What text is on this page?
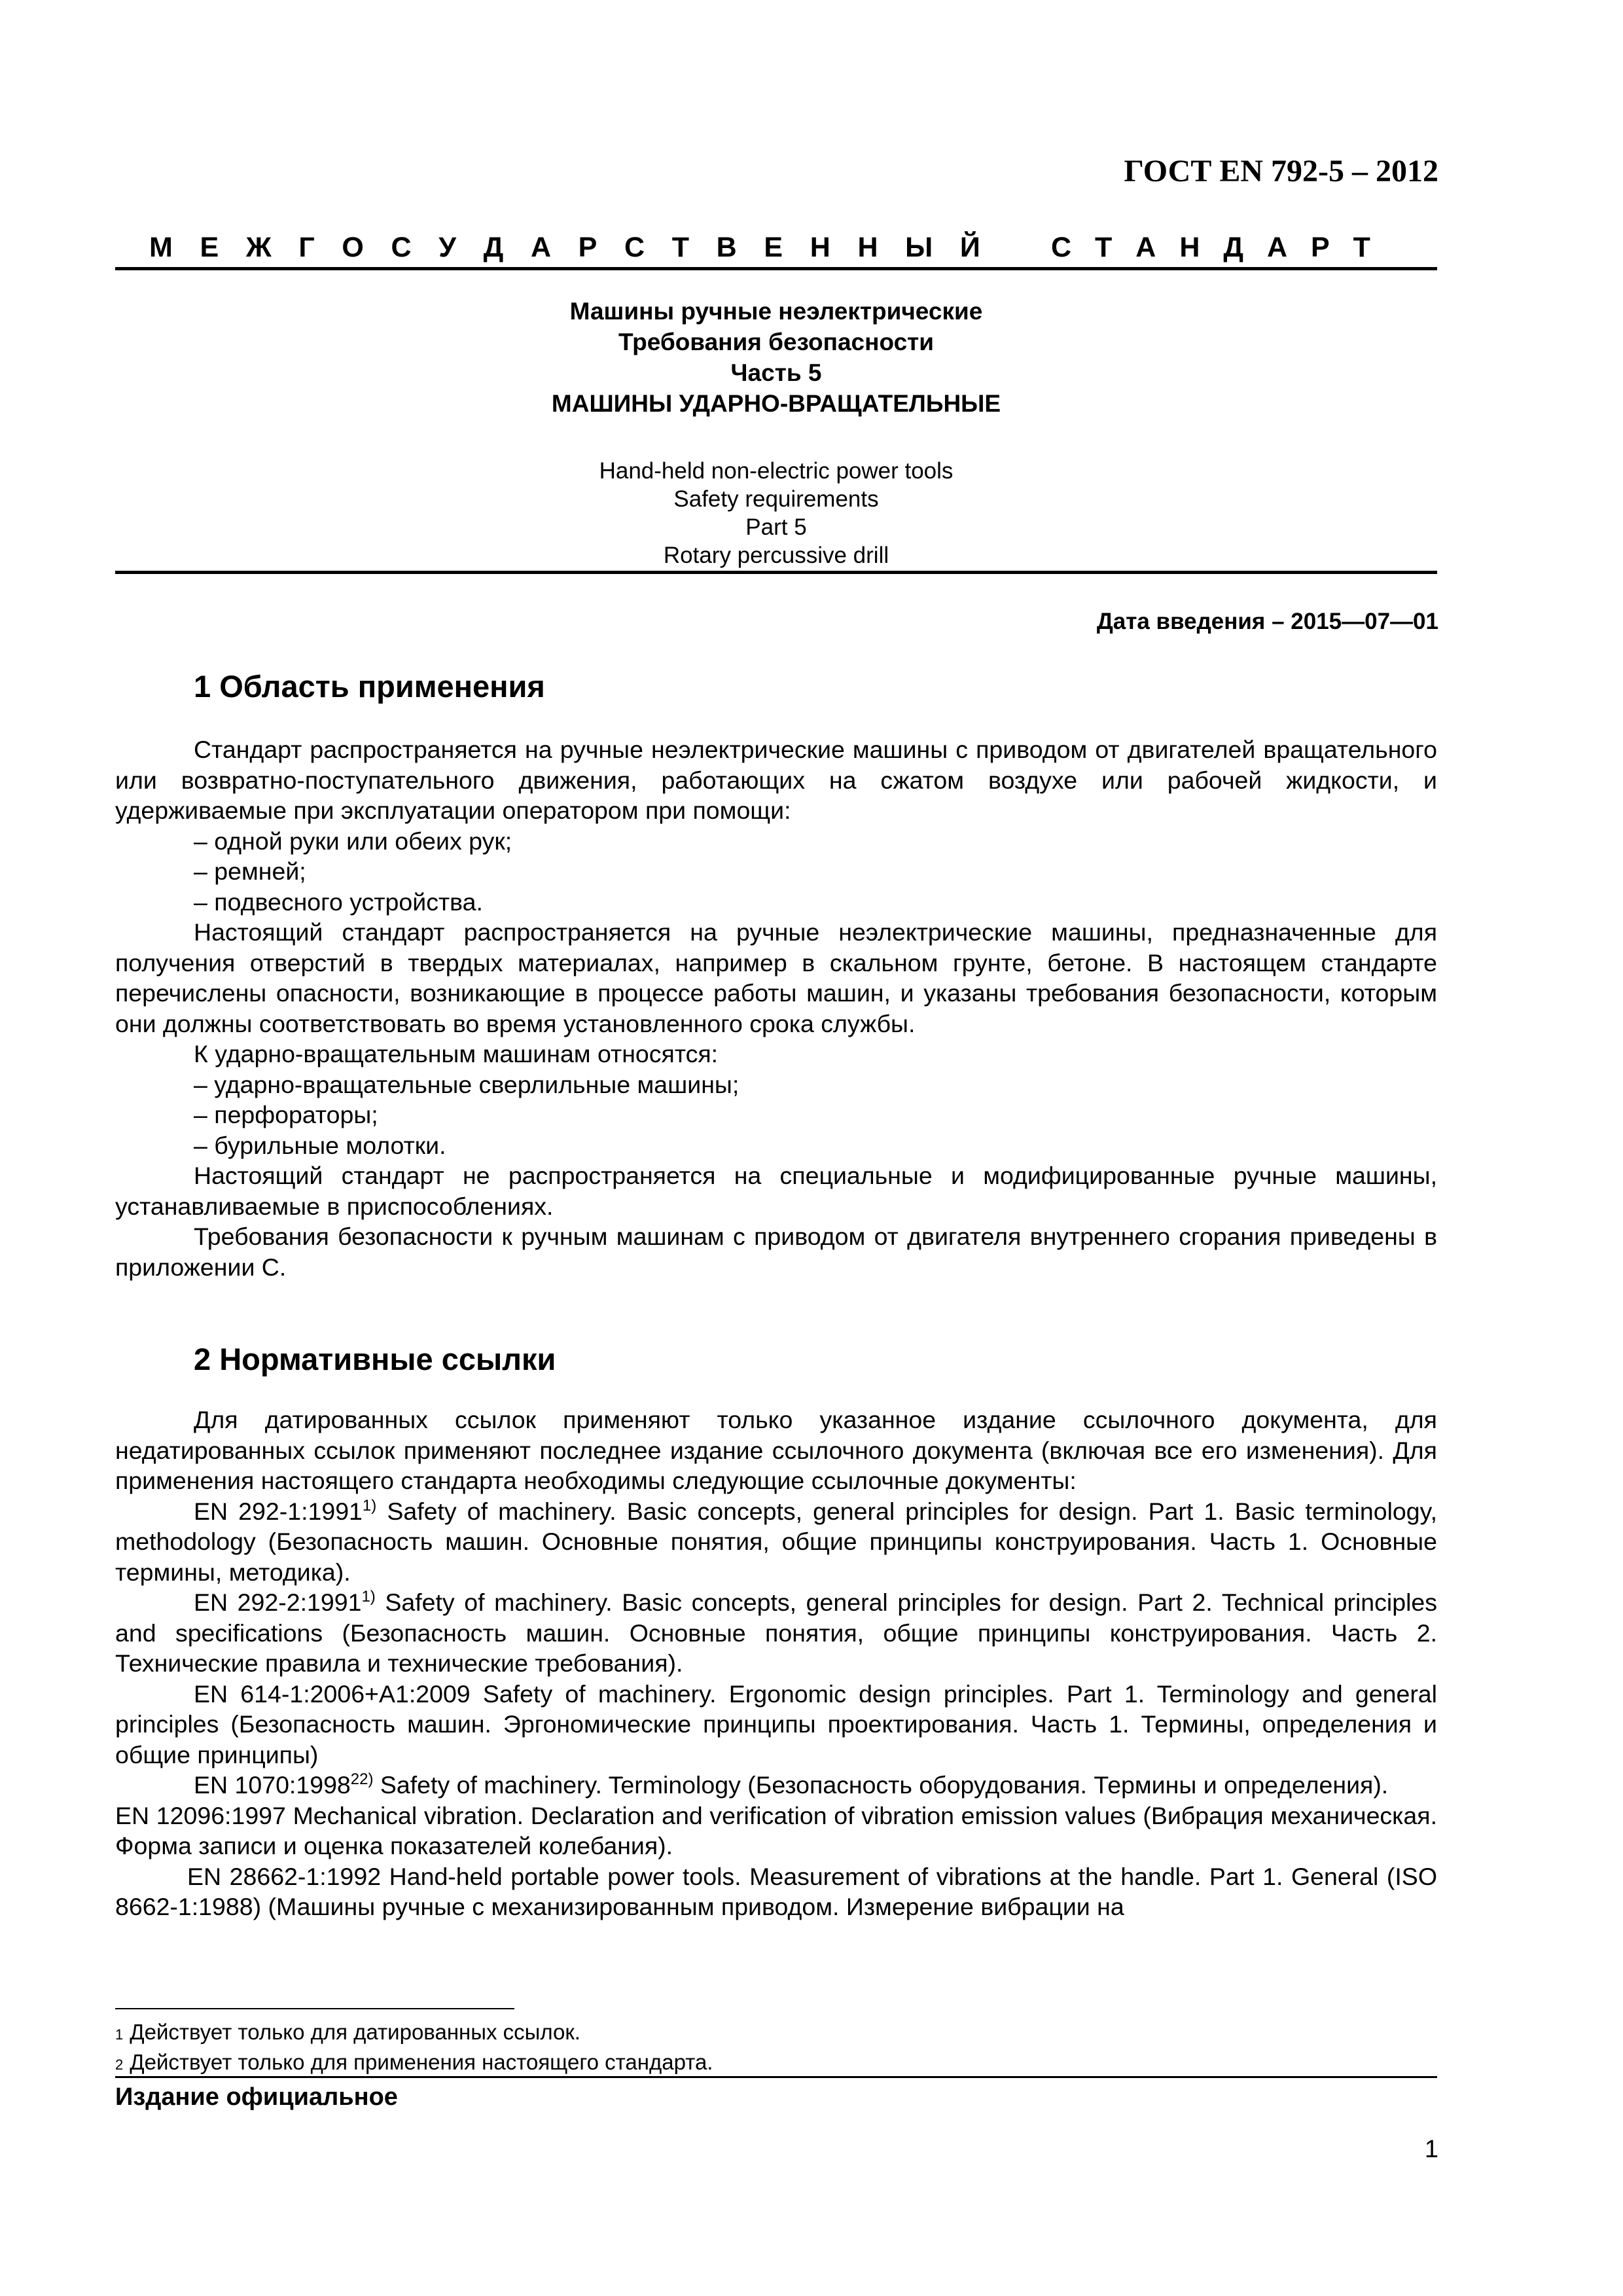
ГОСТ EN 792-5 – 2012
М Е Ж Г О С У Д А Р С Т В Е Н Н Ы Й	С Т А Н Д А Р Т
Машины ручные неэлектрические
Требования безопасности
Часть 5
МАШИНЫ УДАРНО-ВРАЩАТЕЛЬНЫЕ
Hand-held non-electric power tools
Safety requirements
Part 5
Rotary percussive drill
Дата введения – 2015—07—01
1 Область применения

Стандарт распространяется на ручные неэлектрические машины с приводом от двигателей вращательного или возвратно-поступательного движения, работающих на сжатом воздухе или рабочей жидкости, и удерживаемые при эксплуатации оператором при помощи:

– одной руки или обеих рук;

– ремней;

– подвесного устройства.

Настоящий стандарт распространяется на ручные неэлектрические машины, предназначенные для получения отверстий в твердых материалах, например в скальном грунте, бетоне. В настоящем стандарте перечислены опасности, возникающие в процессе работы машин, и указаны требования безопасности, которым они должны соответствовать во время установленного срока службы.

К ударно-вращательным машинам относятся:

– ударно-вращательные сверлильные машины;

– перфораторы;

– бурильные молотки.

Настоящий стандарт не распространяется на специальные и модифицированные ручные машины, устанавливаемые в приспособлениях.

Требования безопасности к ручным машинам с приводом от двигателя внутреннего сгорания приведены в приложении С.

2 Нормативные ссылки

Для датированных ссылок применяют только указанное издание ссылочного документа, для недатированных ссылок применяют последнее издание ссылочного документа (включая все его изменения). Для применения настоящего стандарта необходимы следующие ссылочные документы:

EN 292-1:1991$^{1)}$ Safety of machinery. Basic concepts, general principles for design. Part 1. Basic terminology, methodology (Безопасность машин. Основные понятия, общие принципы конструирования. Часть 1. Основные термины, методика).

EN 292-2:1991$^{1)}$ Safety of machinery. Basic concepts, general principles for design. Part 2. Technical principles and specifications (Безопасность машин. Основные понятия, общие принципы конструирования. Часть 2. Технические правила и технические требования).

EN 614-1:2006+A1:2009 Safety of machinery. Ergonomic design principles. Part 1. Terminology and general principles (Безопасность машин. Эргономические принципы проектирования. Часть 1. Термины, определения и общие принципы)

EN 1070:1998$^{22)}$ Safety of machinery. Terminology (Безопасность оборудования. Термины и определения).

EN 12096:1997 Mechanical vibration. Declaration and verification of vibration emission values (Вибрация механическая. Форма записи и оценка показателей колебания).

EN 28662-1:1992 Hand-held portable power tools. Measurement of vibrations at the handle. Part 1. General (ISO 8662-1:1988) (Машины ручные с механизированным приводом. Измерение вибрации на

1 Действует только для датированных ссылок.
2 Действует только для применения настоящего стандарта.
Издание официальное
1
